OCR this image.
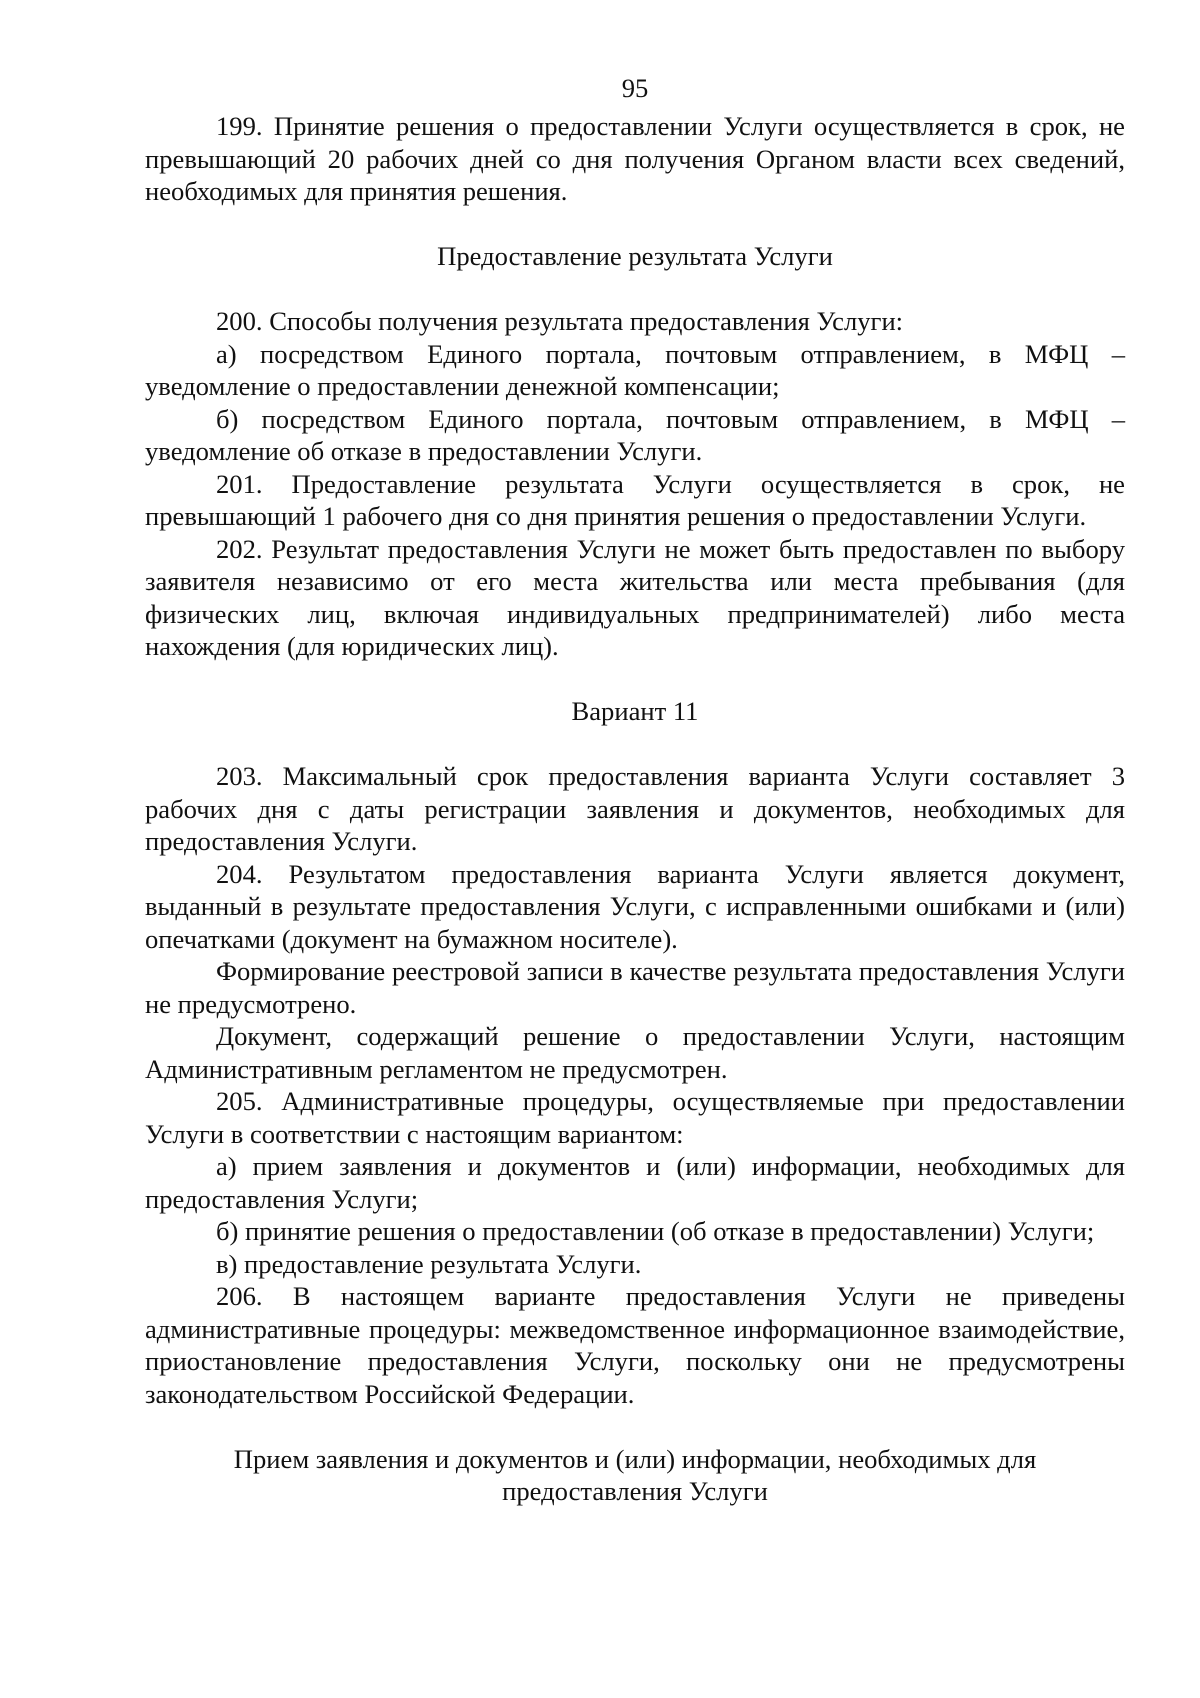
95

199. Принятие решения о предоставлении Услуги осуществляется в срок, не превышающий 20 рабочих дней со дня получения Органом власти всех сведений, необходимых для принятия решения.

Предоставление результата Услуги

200. Способы получения результата предоставления Услуги:

а) посредством Единого портала, почтовым отправлением, в МФЦ – уведомление о предоставлении денежной компенсации;

б) посредством Единого портала, почтовым отправлением, в МФЦ – уведомление об отказе в предоставлении Услуги.

201. Предоставление результата Услуги осуществляется в срок, не превышающий 1 рабочего дня со дня принятия решения о предоставлении Услуги.

202. Результат предоставления Услуги не может быть предоставлен по выбору заявителя независимо от его места жительства или места пребывания (для физических лиц, включая индивидуальных предпринимателей) либо места нахождения (для юридических лиц).

Вариант 11

203. Максимальный срок предоставления варианта Услуги составляет 3 рабочих дня с даты регистрации заявления и документов, необходимых для предоставления Услуги.

204. Результатом предоставления варианта Услуги является документ, выданный в результате предоставления Услуги, с исправленными ошибками и (или) опечатками (документ на бумажном носителе).

Формирование реестровой записи в качестве результата предоставления Услуги не предусмотрено.

Документ, содержащий решение о предоставлении Услуги, настоящим Административным регламентом не предусмотрен.

205. Административные процедуры, осуществляемые при предоставлении Услуги в соответствии с настоящим вариантом:

а) прием заявления и документов и (или) информации, необходимых для предоставления Услуги;

б) принятие решения о предоставлении (об отказе в предоставлении) Услуги;

в) предоставление результата Услуги.

206. В настоящем варианте предоставления Услуги не приведены административные процедуры: межведомственное информационное взаимодействие, приостановление предоставления Услуги, поскольку они не предусмотрены законодательством Российской Федерации.

Прием заявления и документов и (или) информации, необходимых для предоставления Услуги
